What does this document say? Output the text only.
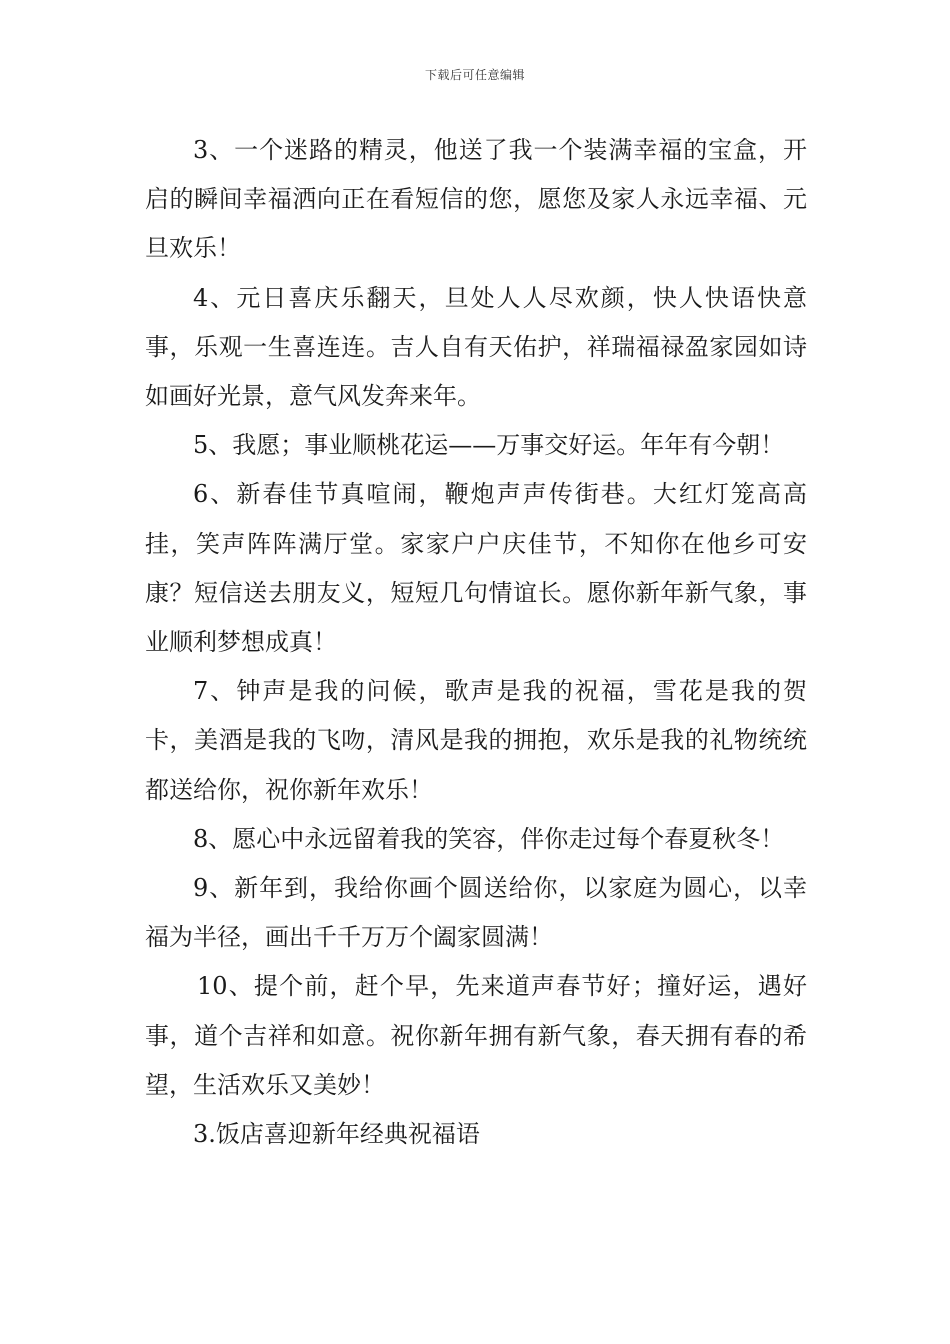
下载后可任意编辑

3、一个迷路的精灵，他送了我一个装满幸福的宝盒，开启的瞬间幸福洒向正在看短信的您，愿您及家人永远幸福、元旦欢乐！

4、元日喜庆乐翻天，旦处人人尽欢颜，快人快语快意事，乐观一生喜连连。吉人自有天佑护，祥瑞福禄盈家园如诗如画好光景，意气风发奔来年。

5、我愿；事业顺桃花运——万事交好运。年年有今朝！

6、新春佳节真喧闹，鞭炮声声传街巷。大红灯笼高高挂，笑声阵阵满厅堂。家家户户庆佳节，不知你在他乡可安康？短信送去朋友义，短短几句情谊长。愿你新年新气象，事业顺利梦想成真！

7、钟声是我的问候，歌声是我的祝福，雪花是我的贺卡，美酒是我的飞吻，清风是我的拥抱，欢乐是我的礼物统统都送给你，祝你新年欢乐！

8、愿心中永远留着我的笑容，伴你走过每个春夏秋冬！

9、新年到，我给你画个圆送给你，以家庭为圆心，以幸福为半径，画出千千万万个阖家圆满！

10、提个前，赶个早，先来道声春节好；撞好运，遇好事，道个吉祥和如意。祝你新年拥有新气象，春天拥有春的希望，生活欢乐又美妙！

3.饭店喜迎新年经典祝福语
